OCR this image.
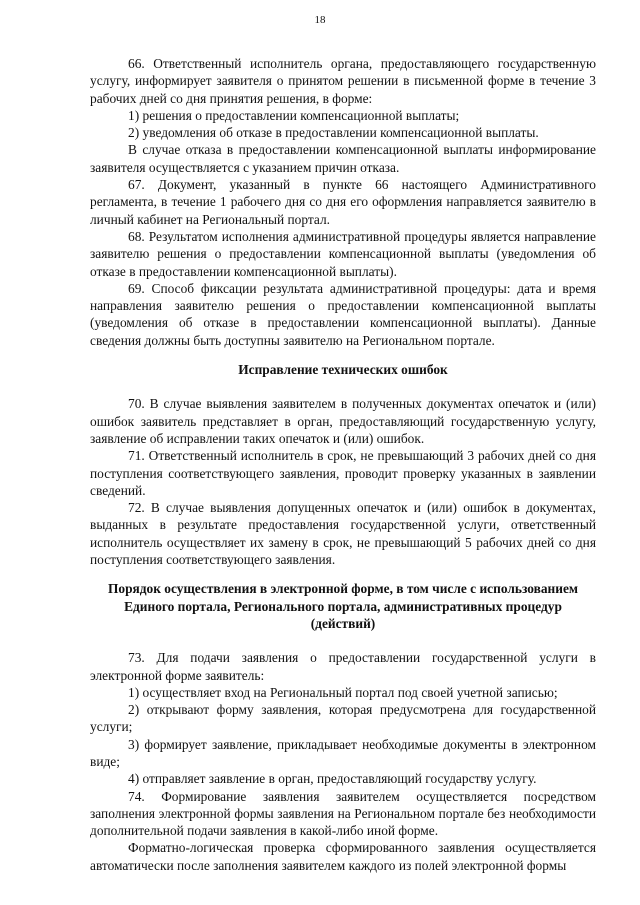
18

66. Ответственный исполнитель органа, предоставляющего государственную услугу, информирует заявителя о принятом решении в письменной форме в течение 3 рабочих дней со дня принятия решения, в форме:

1) решения о предоставлении компенсационной выплаты;

2) уведомления об отказе в предоставлении компенсационной выплаты.

В случае отказа в предоставлении компенсационной выплаты информирование заявителя осуществляется с указанием причин отказа.

67. Документ, указанный в пункте 66 настоящего Административного регламента, в течение 1 рабочего дня со дня его оформления направляется заявителю в личный кабинет на Региональный портал.

68. Результатом исполнения административной процедуры является направление заявителю решения о предоставлении компенсационной выплаты (уведомления об отказе в предоставлении компенсационной выплаты).

69. Способ фиксации результата административной процедуры: дата и время направления заявителю решения о предоставлении компенсационной выплаты (уведомления об отказе в предоставлении компенсационной выплаты). Данные сведения должны быть доступны заявителю на Региональном портале.

Исправление технических ошибок

70. В случае выявления заявителем в полученных документах опечаток и (или) ошибок заявитель представляет в орган, предоставляющий государственную услугу, заявление об исправлении таких опечаток и (или) ошибок.

71. Ответственный исполнитель в срок, не превышающий 3 рабочих дней со дня поступления соответствующего заявления, проводит проверку указанных в заявлении сведений.

72. В случае выявления допущенных опечаток и (или) ошибок в документах, выданных в результате предоставления государственной услуги, ответственный исполнитель осуществляет их замену в срок, не превышающий 5 рабочих дней со дня поступления соответствующего заявления.

Порядок осуществления в электронной форме, в том числе с использованием

Единого портала, Регионального портала, административных процедур

(действий)

73. Для подачи заявления о предоставлении государственной услуги в электронной форме заявитель:

1) осуществляет вход на Региональный портал под своей учетной записью;

2) открывают форму заявления, которая предусмотрена для государственной услуги;

3) формирует заявление, прикладывает необходимые документы в электронном виде;

4) отправляет заявление в орган, предоставляющий государству услугу.

74. Формирование заявления заявителем осуществляется посредством заполнения электронной формы заявления на Региональном портале без необходимости дополнительной подачи заявления в какой-либо иной форме.

Форматно-логическая проверка сформированного заявления осуществляется автоматически после заполнения заявителем каждого из полей электронной формы
